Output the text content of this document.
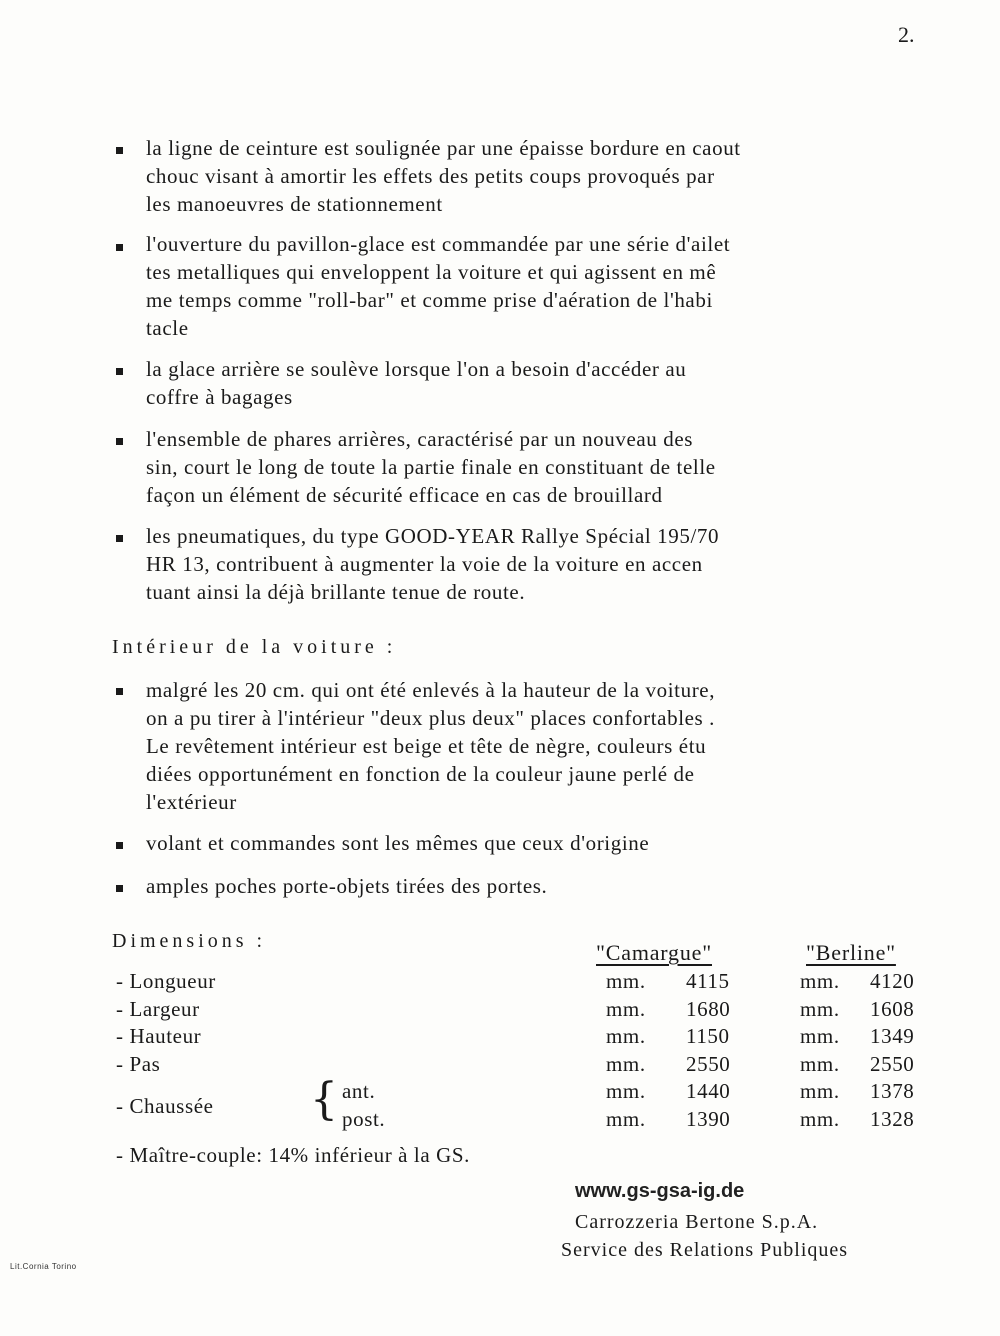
2.
la ligne de ceinture est soulignée par une épaisse bordure en caout
chouc visant à amortir les effets des petits coups provoqués par
les manoeuvres de stationnement
l'ouverture du pavillon-glace est commandée par une série d'ailet
tes metalliques qui enveloppent la voiture et qui agissent en mê
me temps comme "roll-bar" et comme prise d'aération de l'habi
tacle
la glace arrière se soulève lorsque l'on a besoin d'accéder au
coffre à bagages
l'ensemble de phares arrières, caractérisé par un nouveau des
sin, court le long de toute la partie finale en constituant de telle
façon un élément de sécurité efficace en cas de brouillard
les pneumatiques, du type GOOD-YEAR Rallye Spécial 195/70
HR 13, contribuent à augmenter la voie de la voiture en accen
tuant ainsi la déjà brillante tenue de route.
Intérieur de la voiture :
malgré les 20 cm. qui ont été enlevés à la hauteur de la voiture,
on a pu tirer à l'intérieur "deux plus deux" places confortables .
Le revêtement intérieur est beige et tête de nègre, couleurs étu
diées opportunément en fonction de la couleur jaune perlé de
l'extérieur
volant et commandes sont les mêmes que ceux d'origine
amples poches porte-objets tirées des portes.
Dimensions :	"Camargue"	"Berline"
- Longueur	mm. 4115	mm. 4120
- Largeur	mm. 1680	mm. 1608
- Hauteur	mm. 1150	mm. 1349
- Pas	mm. 2550	mm. 2550
- Chaussée { ant.	mm. 1440	mm. 1378
post.	mm. 1390	mm. 1328
- Maître-couple: 14% inférieur à la GS.
www.gs-gsa-ig.de
Carrozzeria Bertone S.p.A.
Service des Relations Publiques
Lit.Cornia Torino
